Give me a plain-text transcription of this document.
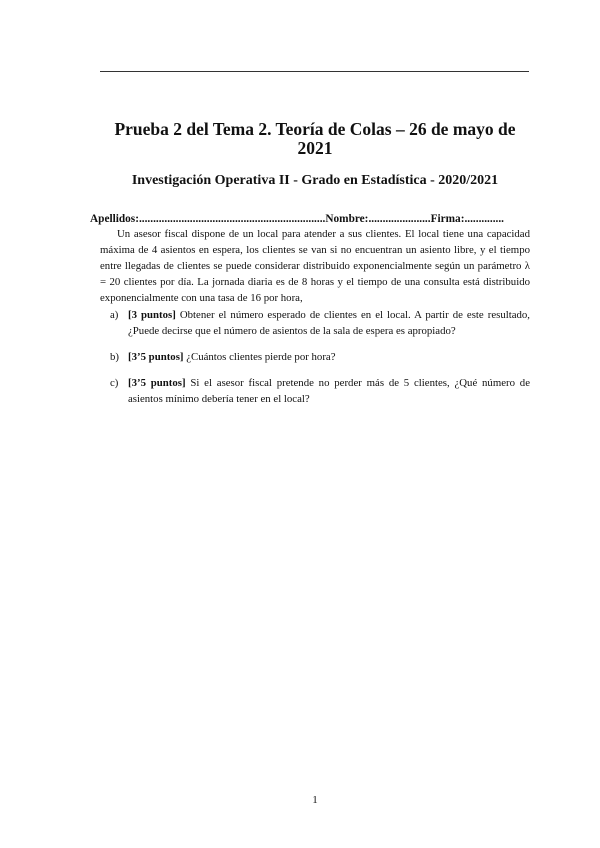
Prueba 2 del Tema 2. Teoría de Colas – 26 de mayo de 2021
Investigación Operativa II - Grado en Estadística - 2020/2021
Apellidos:..................................................................Nombre:......................Firma:..............
Un asesor fiscal dispone de un local para atender a sus clientes. El local tiene una capacidad máxima de 4 asientos en espera, los clientes se van si no encuentran un asiento libre, y el tiempo entre llegadas de clientes se puede considerar distribuido exponencialmente según un parámetro λ = 20 clientes por día. La jornada diaria es de 8 horas y el tiempo de una consulta está distribuido exponencialmente con una tasa de 16 por hora,
a) [3 puntos] Obtener el número esperado de clientes en el local. A partir de este resultado, ¿Puede decirse que el número de asientos de la sala de espera es apropiado?
b) [3’5 puntos] ¿Cuántos clientes pierde por hora?
c) [3’5 puntos] Si el asesor fiscal pretende no perder más de 5 clientes, ¿Qué número de asientos mínimo debería tener en el local?
1
